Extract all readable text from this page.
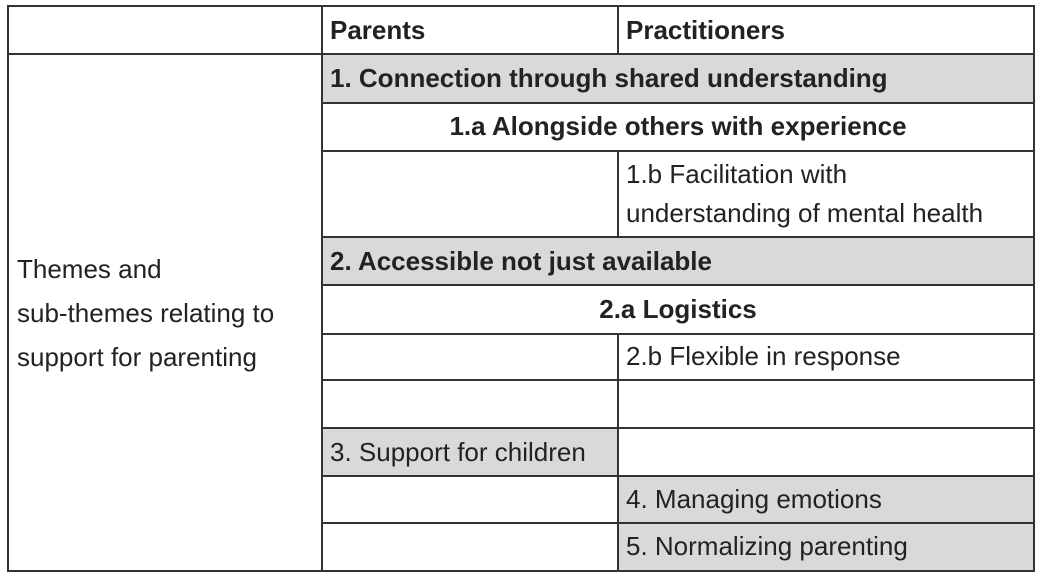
	Parents	Practitioners

Themes and
sub-themes relating to
support for parenting	1. Connection through shared understanding	
	1.a Alongside others with experience	

		1.b Facilitation with
understanding of mental health

	2. Accessible not just available	
	2.a Logistics	
		2.b Flexible in response

	3. Support for children	
		4. Managing emotions
		5. Normalizing parenting
